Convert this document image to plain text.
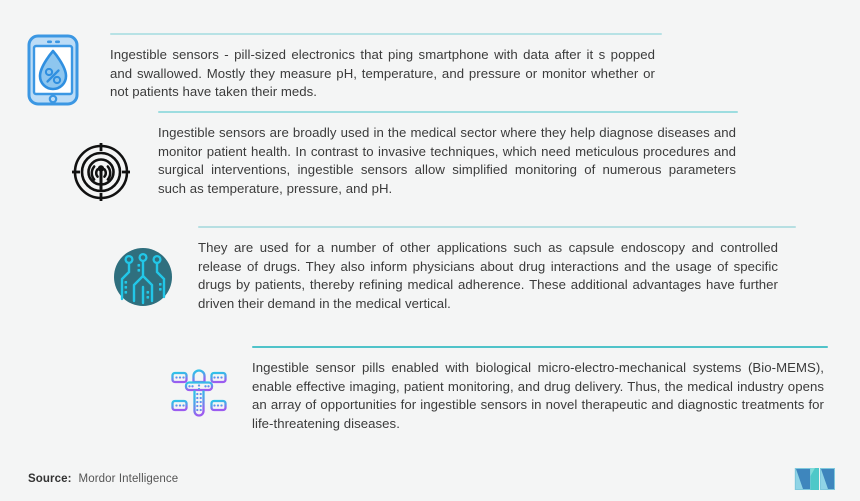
Ingestible sensors - pill-sized electronics that ping smartphone with data after it s popped and swallowed. Mostly they measure pH, temperature, and pressure or monitor whether or not patients have taken their meds.

Ingestible sensors are broadly used in the medical sector where they help diagnose diseases and monitor patient health. In contrast to invasive techniques, which need meticulous procedures and surgical interventions, ingestible sensors allow simplified monitoring of numerous parameters such as temperature, pressure, and pH.

They are used for a number of other applications such as capsule endoscopy and controlled release of drugs. They also inform physicians about drug interactions and the usage of specific drugs by patients, thereby refining medical adherence. These additional advantages have further driven their demand in the medical vertical.

Ingestible sensor pills enabled with biological micro-electro-mechanical systems (Bio-MEMS), enable effective imaging, patient monitoring, and drug delivery. Thus, the medical industry opens an array of opportunities for ingestible sensors in novel therapeutic and diagnostic treatments for life-threatening diseases.

Source: Mordor Intelligence
